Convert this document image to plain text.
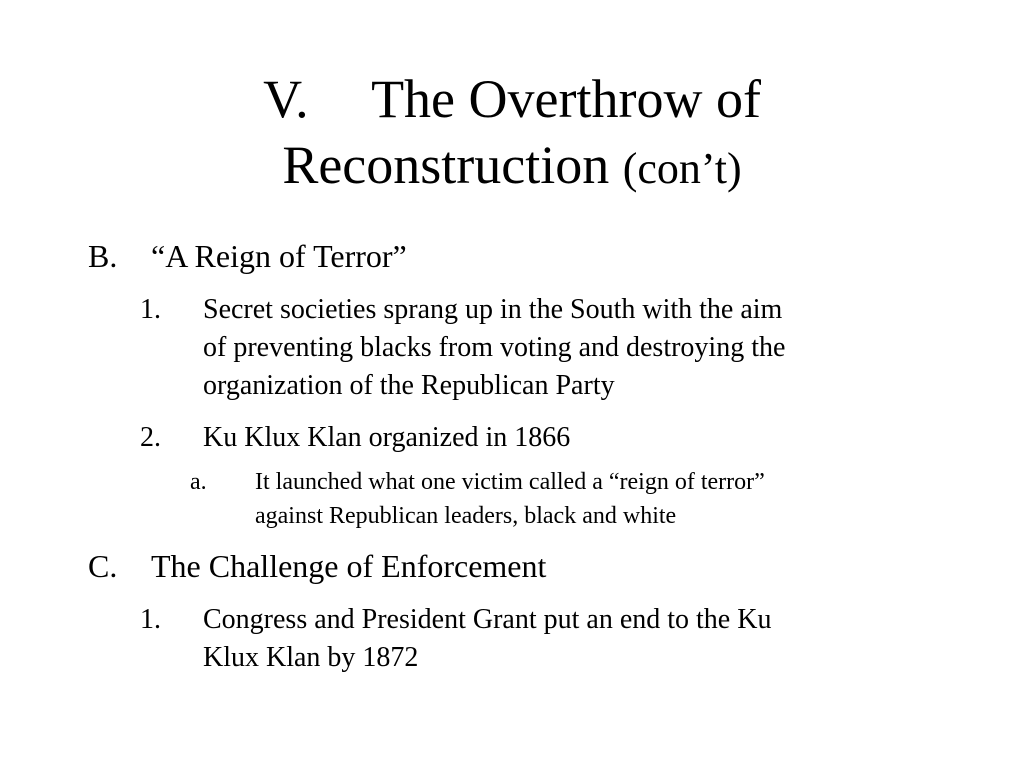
V. The Overthrow of
Reconstruction (con’t)
B. “A Reign of Terror”
1. Secret societies sprang up in the South with the aim
of preventing blacks from voting and destroying the
organization of the Republican Party
2. Ku Klux Klan organized in 1866
a. It launched what one victim called a “reign of terror”
against Republican leaders, black and white
C. The Challenge of Enforcement
1. Congress and President Grant put an end to the Ku
Klux Klan by 1872
